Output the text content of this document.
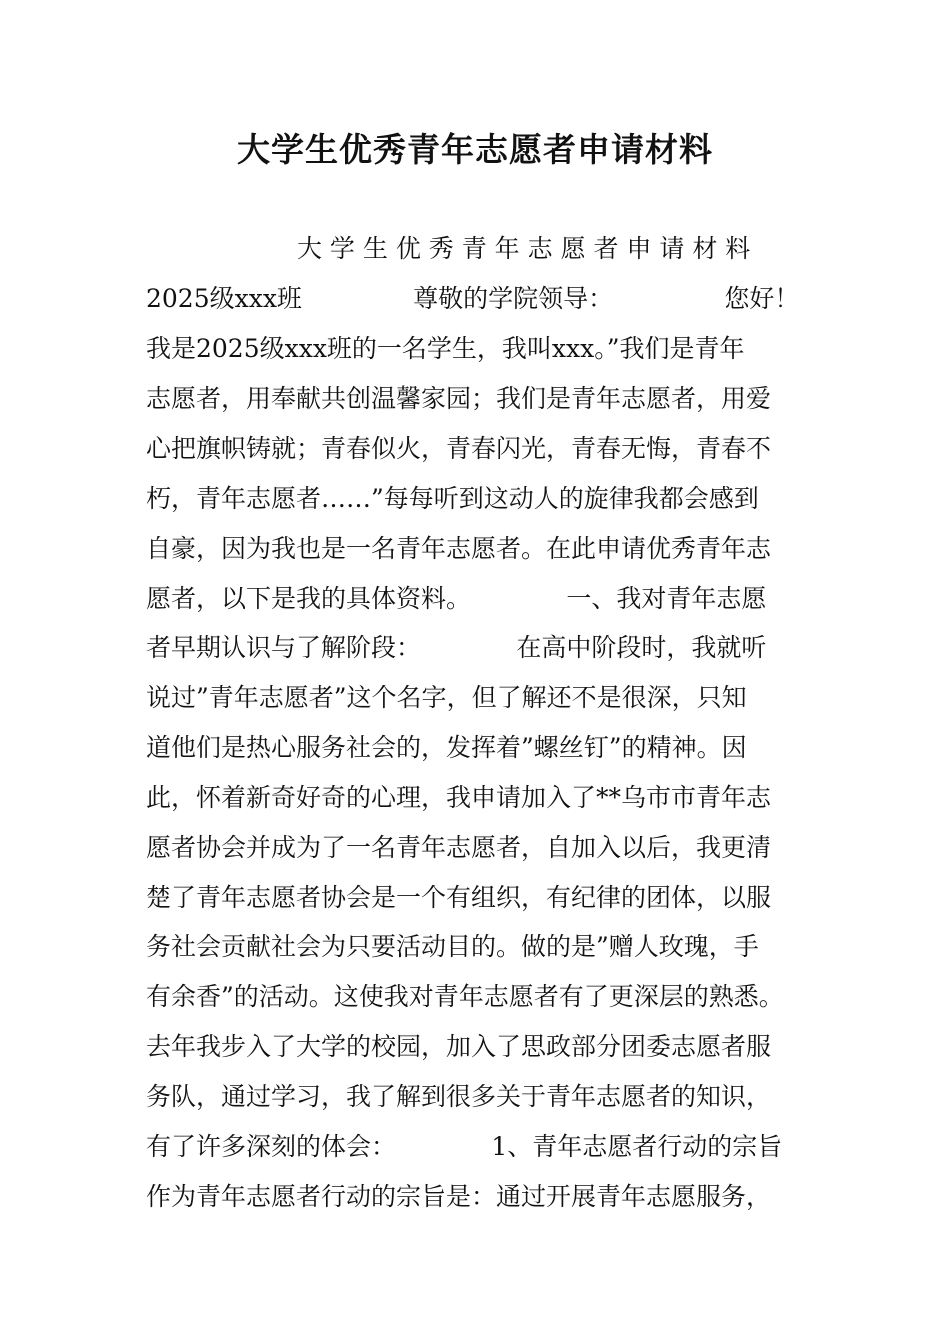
大学生优秀青年志愿者申请材料
大 学 生 优 秀 青 年 志 愿 者 申 请 材 料
2025级xxx班              尊敬的学院领导：              您好！
我是2025级xxx班的一名学生，我叫xxx。”我们是青年
志愿者，用奉献共创温馨家园；我们是青年志愿者，用爱
心把旗帜铸就；青春似火，青春闪光，青春无悔，青春不
朽，青年志愿者……”每每听到这动人的旋律我都会感到
自豪，因为我也是一名青年志愿者。在此申请优秀青年志
愿者，以下是我的具体资料。            一、我对青年志愿
者早期认识与了解阶段：            在高中阶段时，我就听
说过”青年志愿者”这个名字，但了解还不是很深，只知
道他们是热心服务社会的，发挥着”螺丝钉”的精神。因
此，怀着新奇好奇的心理，我申请加入了**乌市市青年志
愿者协会并成为了一名青年志愿者，自加入以后，我更清
楚了青年志愿者协会是一个有组织，有纪律的团体，以服
务社会贡献社会为只要活动目的。做的是”赠人玫瑰，手
有余香”的活动。这使我对青年志愿者有了更深层的熟悉。
去年我步入了大学的校园，加入了思政部分团委志愿者服
务队，通过学习，我了解到很多关于青年志愿者的知识，
有了许多深刻的体会：            1、青年志愿者行动的宗旨
作为青年志愿者行动的宗旨是：通过开展青年志愿服务，
